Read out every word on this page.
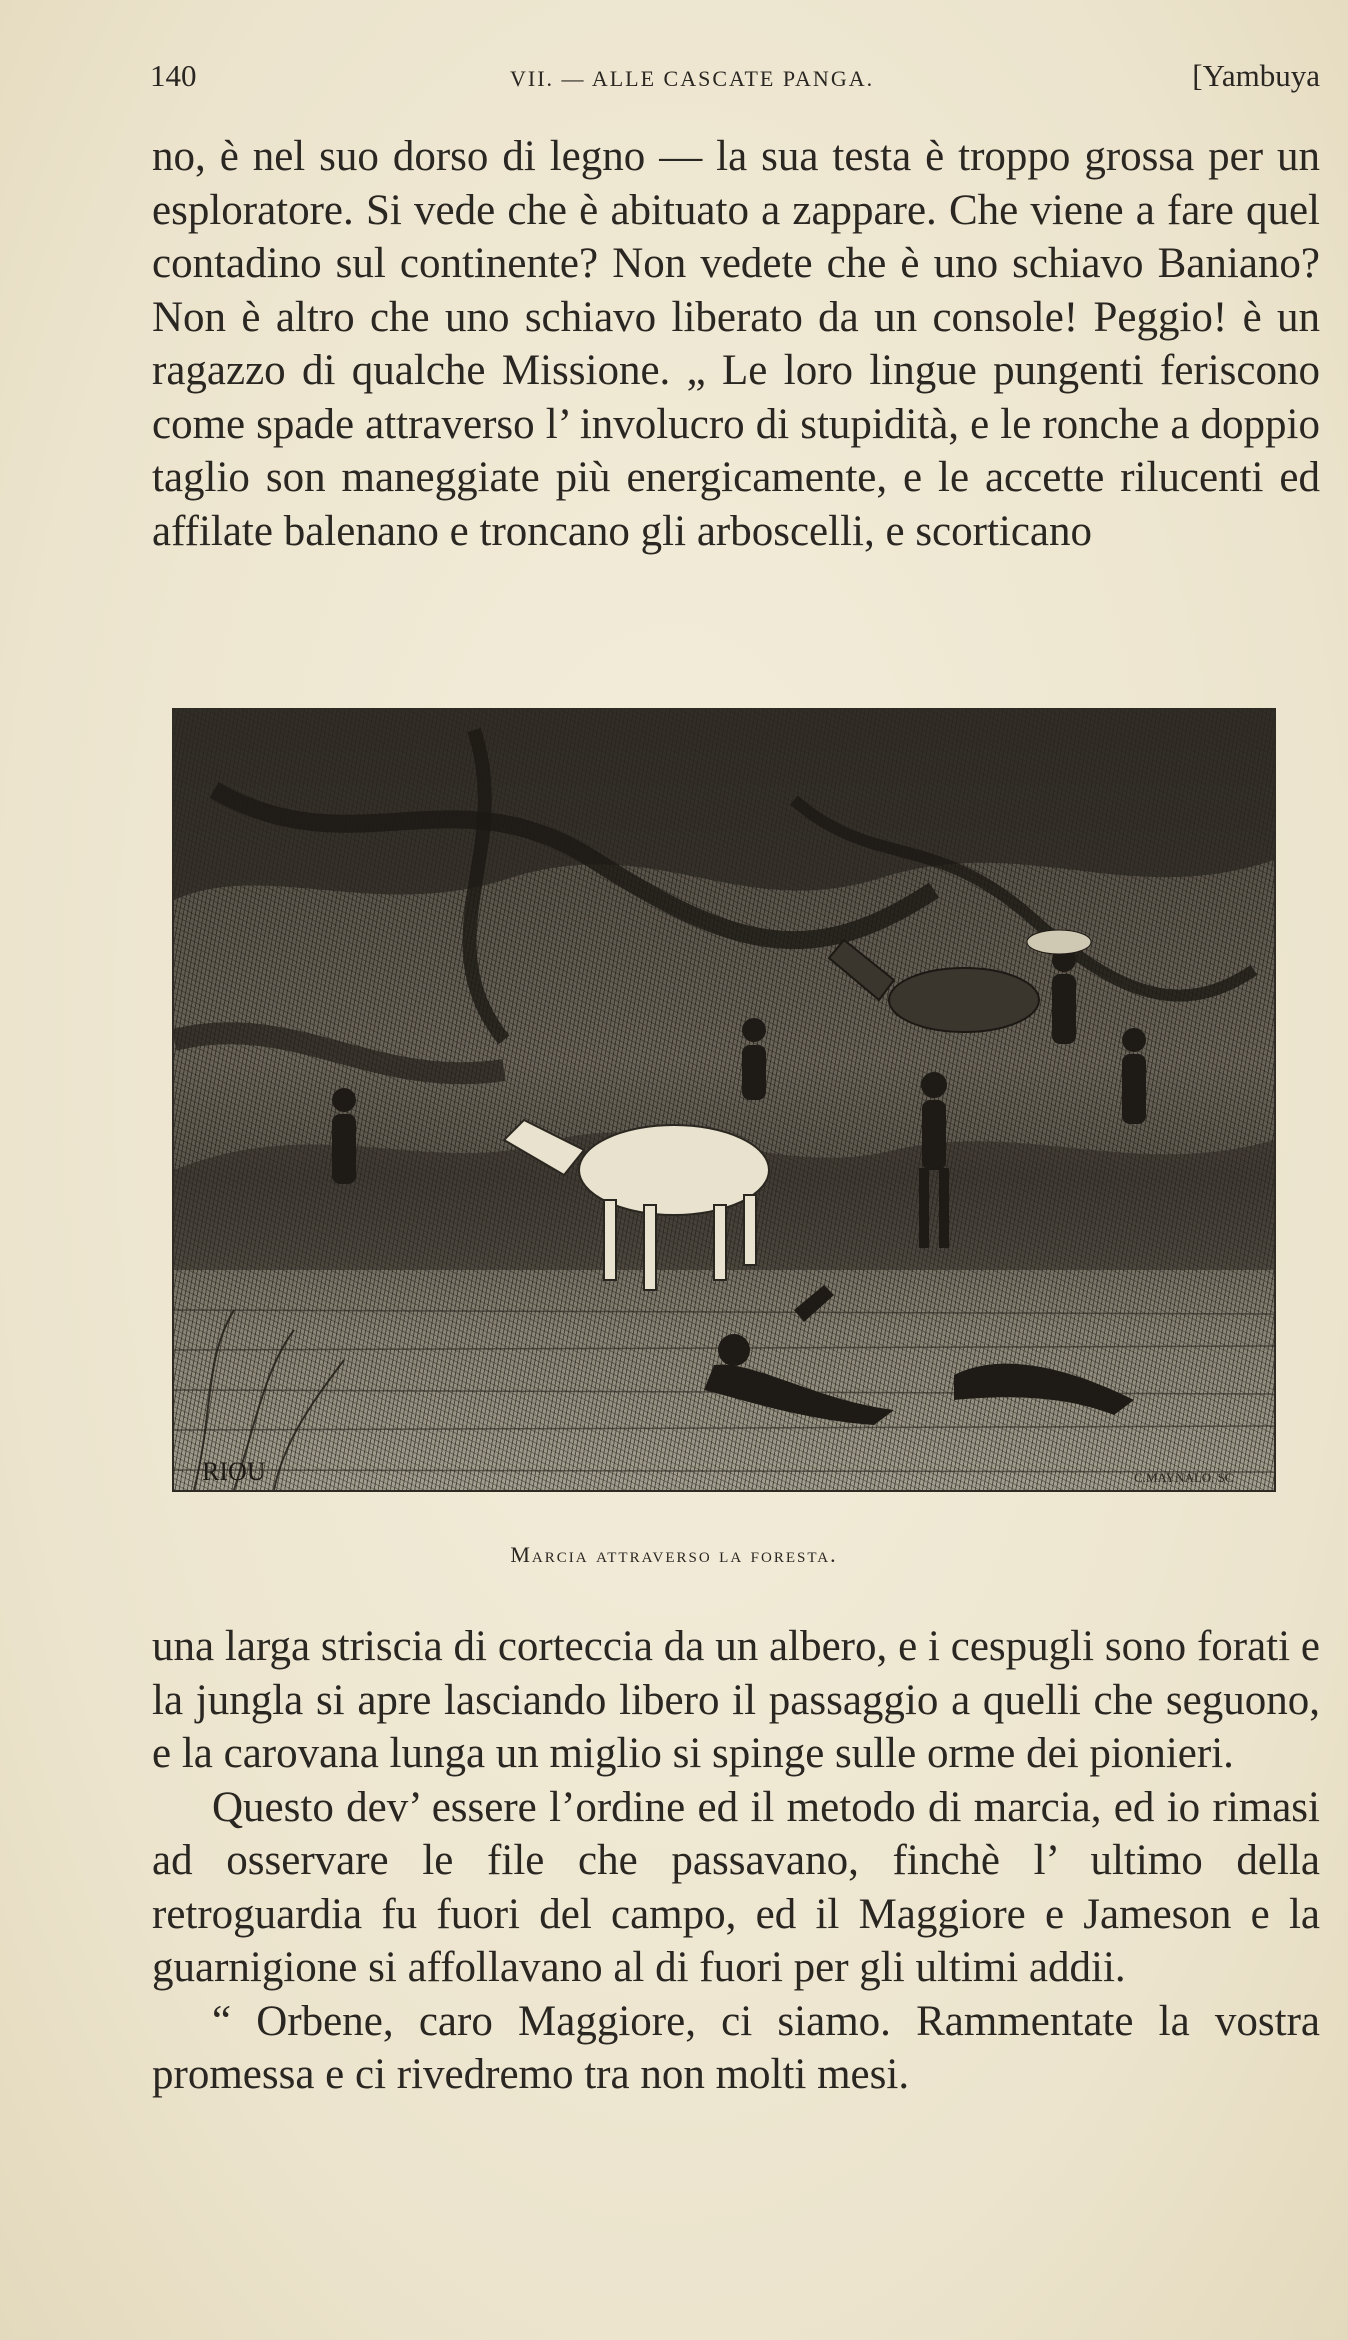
140	VII. — ALLE CASCATE PANGA.	[Yambuya

no, è nel suo dorso di legno — la sua testa è troppo grossa per un esploratore. Si vede che è abituato a zappare. Che viene a fare quel contadino sul continente? Non vedete che è uno schiavo Baniano? Non è altro che uno schiavo liberato da un console! Peggio! è un ragazzo di qualche Missione. „ Le loro lingue pungenti feriscono come spade attraverso l’ involucro di stupidità, e le ronche a doppio taglio son maneggiate più energicamente, e le accette rilucenti ed affilate balenano e troncano gli arboscelli, e scorticano

RIOU	C.MAYNALO. SC
Marcia attraverso la foresta.

una larga striscia di corteccia da un albero, e i cespugli sono forati e la jungla si apre lasciando libero il passaggio a quelli che seguono, e la carovana lunga un miglio si spinge sulle orme dei pionieri.

Questo dev’ essere l’ordine ed il metodo di marcia, ed io rimasi ad osservare le file che passavano, finchè l’ ultimo della retroguardia fu fuori del campo, ed il Maggiore e Jameson e la guarnigione si affollavano al di fuori per gli ultimi addii.

“ Orbene, caro Maggiore, ci siamo. Rammentate la vostra promessa e ci rivedremo tra non molti mesi.
